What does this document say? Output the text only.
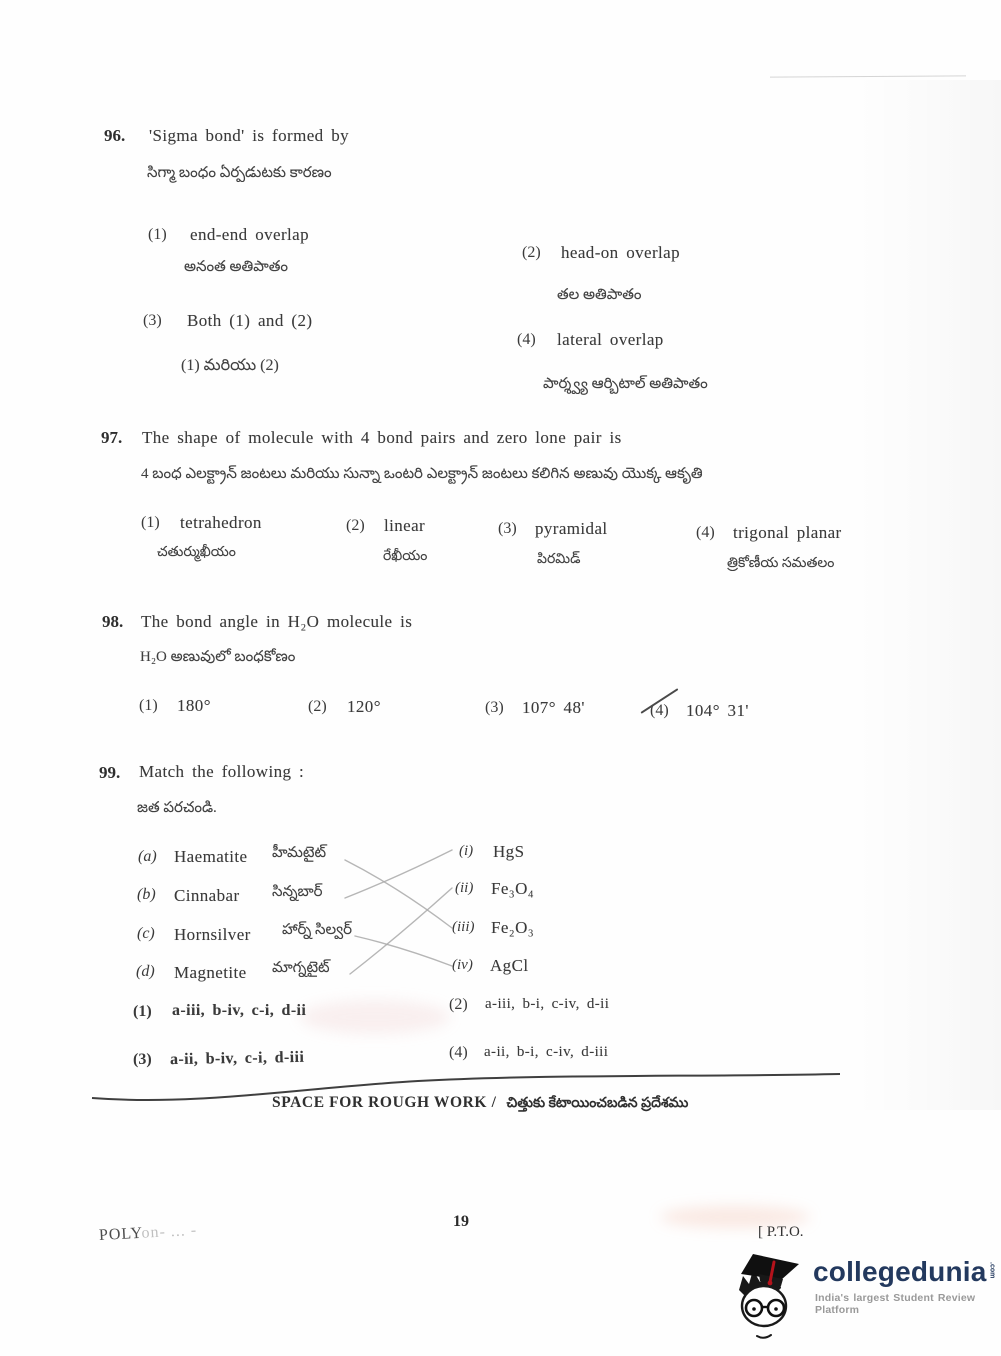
96. 'Sigma bond' is formed by
సిగ్మా బంధం ఏర్పడుటకు కారణం
(1) end-end overlap
అనంత అతిపాతం
(2) head-on overlap
తల అతిపాతం
(3) Both (1) and (2)
(1) మరియు (2)
(4) lateral overlap
పార్శ్వ్య ఆర్బిటాల్ అతిపాతం
97. The shape of molecule with 4 bond pairs and zero lone pair is
4 బంధ ఎలక్ట్రాన్ జంటలు మరియు సున్నా ఒంటరి ఎలక్ట్రాన్ జంటలు కలిగిన అణువు యొక్క ఆకృతి
(1) tetrahedron
చతుర్ముఖీయం
(2) linear
రేఖీయం
(3) pyramidal
పిరమిడ్
(4) trigonal planar
త్రికోణీయ సమతలం
98. The bond angle in H₂O molecule is
H₂O అణువులో బంధకోణం
(1) 180°	(2) 120°	(3) 107° 48'	(4) 104° 31'
99. Match the following :
జత పరచండి.
(a) Haematite హీమటైట్
(b) Cinnabar సిన్నబార్
(c) Hornsilver హార్న్ సిల్వర్
(d) Magnetite మాగ్నటైట్
(i) HgS
(ii) Fe₃O₄
(iii) Fe₂O₃
(iv) AgCl
(1) a-iii, b-iv, c-i, d-ii	(2) a-iii, b-i, c-iv, d-ii
(3) a-ii, b-iv, c-i, d-iii	(4) a-ii, b-i, c-iv, d-iii
SPACE FOR ROUGH WORK / చిత్తుకు కేటాయించబడిన ప్రదేశము
POLYon- ... -
19
[ P.T.O.
collegedunia .com
India's largest Student Review Platform
